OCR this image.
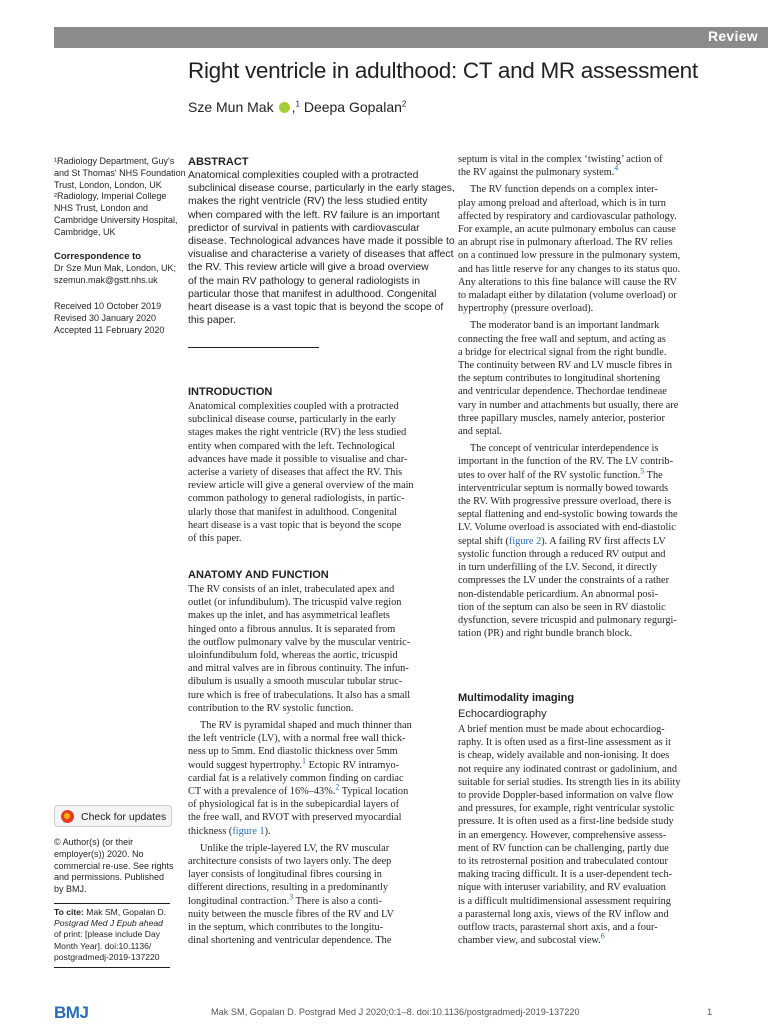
Review
Right ventricle in adulthood: CT and MR assessment
Sze Mun Mak ,$^1$ Deepa Gopalan$^2$
¹Radiology Department, Guy's
and St Thomas' NHS Foundation
Trust, London, London, UK
²Radiology, Imperial College
NHS Trust, London and
Cambridge University Hospital,
Cambridge, UK
Correspondence to
Dr Sze Mun Mak, London, UK;
szemun.mak@gstt.nhs.uk
Received 10 October 2019
Revised 30 January 2020
Accepted 11 February 2020
Check for updates
© Author(s) (or their
employer(s)) 2020. No
commercial re-use. See rights
and permissions. Published
by BMJ.
To cite: Mak SM, Gopalan D.
Postgrad Med J Epub ahead
of print: [please include Day
Month Year]. doi:10.1136/
postgradmedj-2019-137220
ABSTRACT
Anatomical complexities coupled with a protracted
subclinical disease course, particularly in the early stages,
makes the right ventricle (RV) the less studied entity
when compared with the left. RV failure is an important
predictor of survival in patients with cardiovascular
disease. Technological advances have made it possible to
visualise and characterise a variety of diseases that affect
the RV. This review article will give a broad overview
of the main RV pathology to general radiologists in
particular those that manifest in adulthood. Congenital
heart disease is a vast topic that is beyond the scope of
this paper.
INTRODUCTION
Anatomical complexities coupled with a protracted
subclinical disease course, particularly in the early
stages makes the right ventricle (RV) the less studied
entity when compared with the left. Technological
advances have made it possible to visualise and char-
acterise a variety of diseases that affect the RV. This
review article will give a general overview of the main
common pathology to general radiologists, in partic-
ularly those that manifest in adulthood. Congenital
heart disease is a vast topic that is beyond the scope
of this paper.
ANATOMY AND FUNCTION
The RV consists of an inlet, trabeculated apex and
outlet (or infundibulum). The tricuspid valve region
makes up the inlet, and has asymmetrical leaflets
hinged onto a fibrous annulus. It is separated from
the outflow pulmonary valve by the muscular ventric-
uloinfundibulum fold, whereas the aortic, tricuspid
and mitral valves are in fibrous continuity. The infun-
dibulum is usually a smooth muscular tubular struc-
ture which is free of trabeculations. It also has a small
contribution to the RV systolic function.
The RV is pyramidal shaped and much thinner than
the left ventricle (LV), with a normal free wall thick-
ness up to 5mm. End diastolic thickness over 5mm
would suggest hypertrophy.$^1$ Ectopic RV intramyo-
cardial fat is a relatively common finding on cardiac
CT with a prevalence of 16%–43%.$^2$ Typical location
of physiological fat is in the subepicardial layers of
the free wall, and RVOT with preserved myocardial
thickness (figure 1).
Unlike the triple-layered LV, the RV muscular
architecture consists of two layers only. The deep
layer consists of longitudinal fibres coursing in
different directions, resulting in a predominantly
longitudinal contraction.$^3$ There is also a conti-
nuity between the muscle fibres of the RV and LV
in the septum, which contributes to the longitu-
dinal shortening and ventricular dependence. The
septum is vital in the complex ‘twisting’ action of
the RV against the pulmonary system.$^4$
The RV function depends on a complex inter-
play among preload and afterload, which is in turn
affected by respiratory and cardiovascular pathology.
For example, an acute pulmonary embolus can cause
an abrupt rise in pulmonary afterload. The RV relies
on a continued low pressure in the pulmonary system,
and has little reserve for any changes to its status quo.
Any alterations to this fine balance will cause the RV
to maladapt either by dilatation (volume overload) or
hypertrophy (pressure overload).
The moderator band is an important landmark
connecting the free wall and septum, and acting as
a bridge for electrical signal from the right bundle.
The continuity between RV and LV muscle fibres in
the septum contributes to longitudinal shortening
and ventricular dependence. Thechordae tendineae
vary in number and attachments but usually, there are
three papillary muscles, namely anterior, posterior
and septal.
The concept of ventricular interdependence is
important in the function of the RV. The LV contrib-
utes to over half of the RV systolic function.$^5$ The
interventricular septum is normally bowed towards
the RV. With progressive pressure overload, there is
septal flattening and end-systolic bowing towards the
LV. Volume overload is associated with end-diastolic
septal shift (figure 2). A failing RV first affects LV
systolic function through a reduced RV output and
in turn underfilling of the LV. Second, it directly
compresses the LV under the constraints of a rather
non-distendable pericardium. An abnormal posi-
tion of the septum can also be seen in RV diastolic
dysfunction, severe tricuspid and pulmonary regurgi-
tation (PR) and right bundle branch block.
Multimodality imaging
Echocardiography
A brief mention must be made about echocardiog-
raphy. It is often used as a first-line assessment as it
is cheap, widely available and non-ionising. It does
not require any iodinated contrast or gadolinium, and
suitable for serial studies. Its strength lies in its ability
to provide Doppler-based information on valve flow
and pressures, for example, right ventricular systolic
pressure. It is often used as a first-line bedside study
in an emergency. However, comprehensive assess-
ment of RV function can be challenging, partly due
to its retrosternal position and trabeculated contour
making tracing difficult. It is a user-dependent tech-
nique with interuser variability, and RV evaluation
is a difficult multidimensional assessment requiring
a parasternal long axis, views of the RV inflow and
outflow tracts, parasternal short axis, and a four-
chamber view, and subcostal view.$^6$
BMJ	Mak SM, Gopalan D. Postgrad Med J 2020;0:1–8. doi:10.1136/postgradmedj-2019-137220	1
